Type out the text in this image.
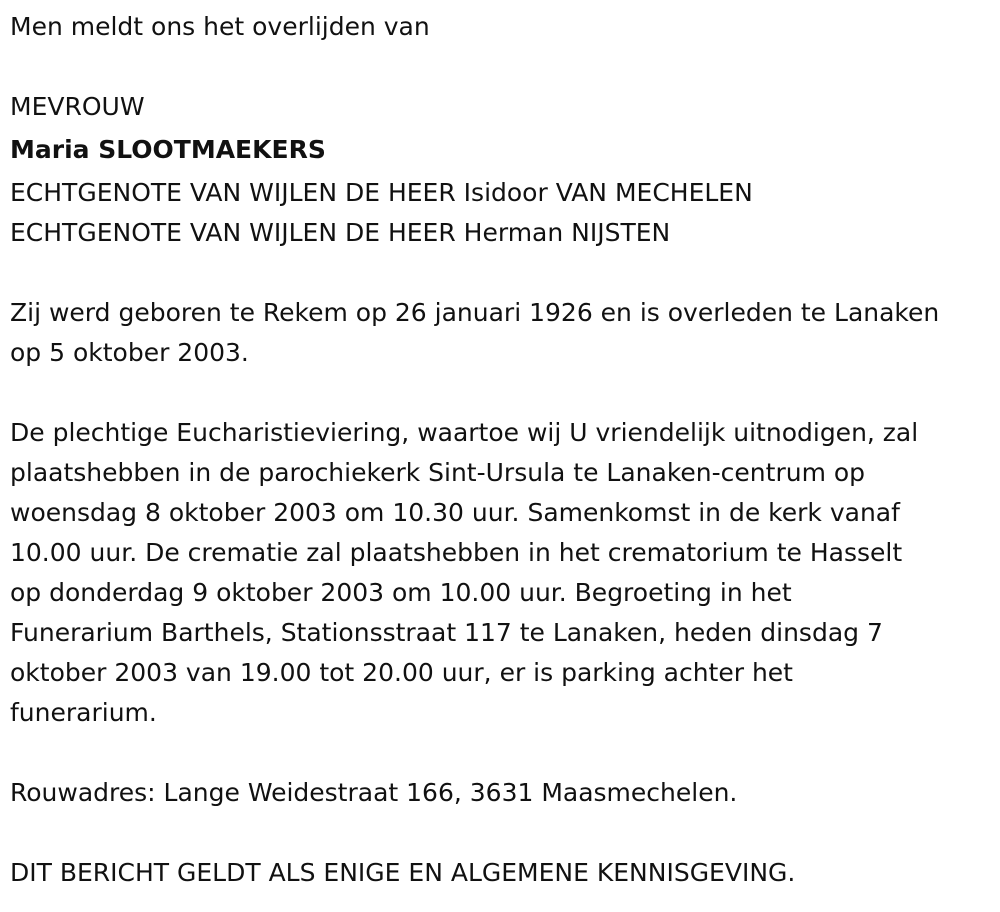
Men meldt ons het overlijden van
MEVROUW
Maria SLOOTMAEKERS
ECHTGENOTE VAN WIJLEN DE HEER Isidoor VAN MECHELEN
ECHTGENOTE VAN WIJLEN DE HEER Herman NIJSTEN
Zij werd geboren te Rekem op 26 januari 1926 en is overleden te Lanaken
op 5 oktober 2003.
De plechtige Eucharistieviering, waartoe wij U vriendelijk uitnodigen, zal
plaatshebben in de parochiekerk Sint-Ursula te Lanaken-centrum op
woensdag 8 oktober 2003 om 10.30 uur. Samenkomst in de kerk vanaf
10.00 uur. De crematie zal plaatshebben in het crematorium te Hasselt
op donderdag 9 oktober 2003 om 10.00 uur. Begroeting in het
Funerarium Barthels, Stationsstraat 117 te Lanaken, heden dinsdag 7
oktober 2003 van 19.00 tot 20.00 uur, er is parking achter het
funerarium.
Rouwadres: Lange Weidestraat 166, 3631 Maasmechelen.
DIT BERICHT GELDT ALS ENIGE EN ALGEMENE KENNISGEVING.
